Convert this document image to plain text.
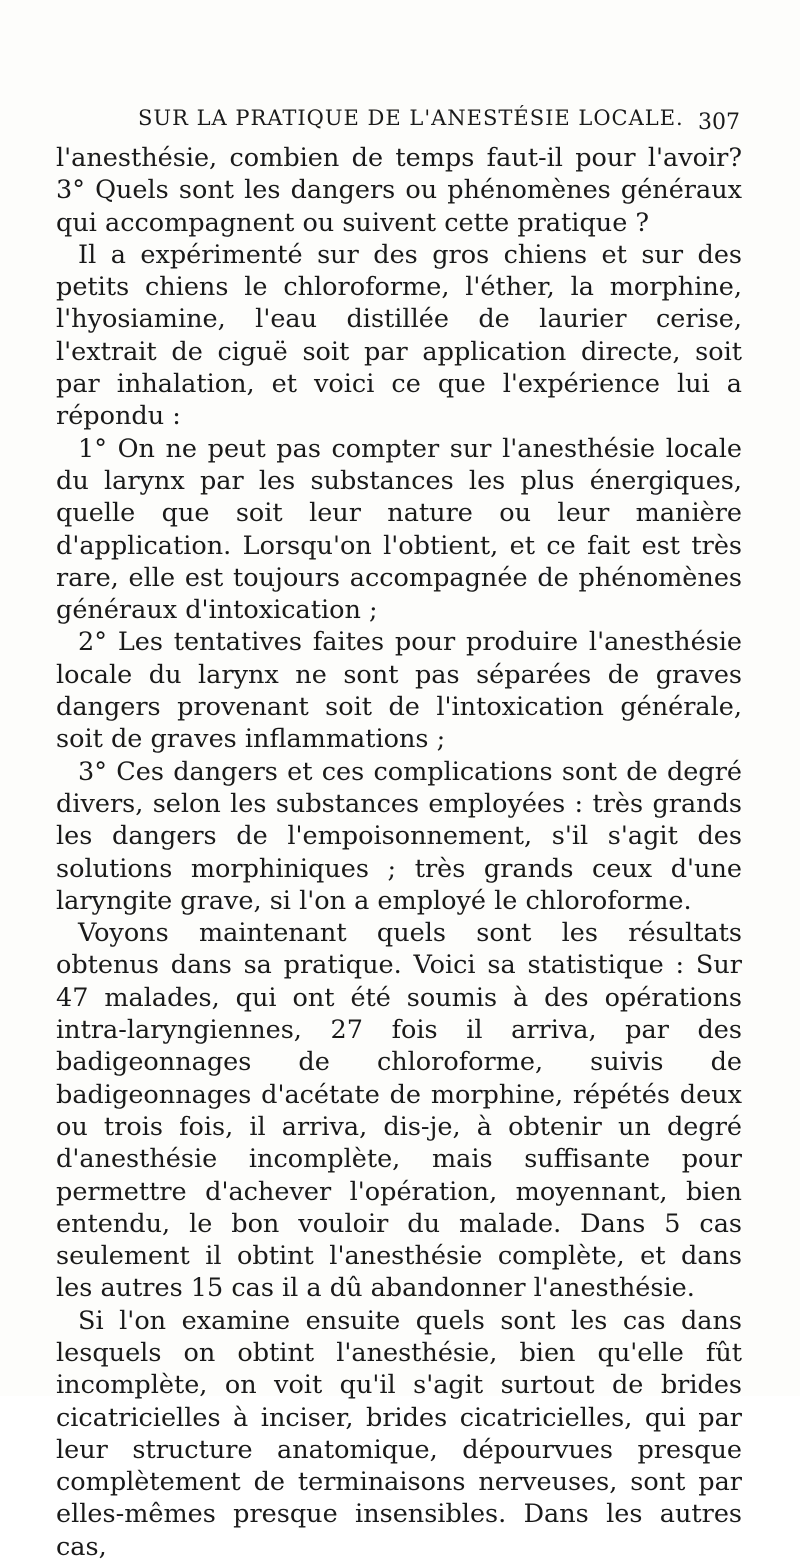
SUR LA PRATIQUE DE L'ANESTÉSIE LOCALE. 307

l'anesthésie, combien de temps faut-il pour l'avoir? 3° Quels sont les dangers ou phénomènes généraux qui accompagnent ou suivent cette pratique ?

Il a expérimenté sur des gros chiens et sur des petits chiens le chloroforme, l'éther, la morphine, l'hyosiamine, l'eau distillée de laurier cerise, l'extrait de ciguë soit par application directe, soit par inhalation, et voici ce que l'expérience lui a répondu :

1° On ne peut pas compter sur l'anesthésie locale du larynx par les substances les plus énergiques, quelle que soit leur nature ou leur manière d'application. Lorsqu'on l'obtient, et ce fait est très rare, elle est toujours accompagnée de phénomènes généraux d'intoxication ;

2° Les tentatives faites pour produire l'anesthésie locale du larynx ne sont pas séparées de graves dangers provenant soit de l'intoxication générale, soit de graves inflammations ;

3° Ces dangers et ces complications sont de degré divers, selon les substances employées : très grands les dangers de l'empoisonnement, s'il s'agit des solutions morphiniques ; très grands ceux d'une laryngite grave, si l'on a employé le chloroforme.

Voyons maintenant quels sont les résultats obtenus dans sa pratique. Voici sa statistique : Sur 47 malades, qui ont été soumis à des opérations intra-laryngiennes, 27 fois il arriva, par des badigeonnages de chloroforme, suivis de badigeonnages d'acétate de morphine, répétés deux ou trois fois, il arriva, dis-je, à obtenir un degré d'anesthésie incomplète, mais suffisante pour permettre d'achever l'opération, moyennant, bien entendu, le bon vouloir du malade. Dans 5 cas seulement il obtint l'anesthésie complète, et dans les autres 15 cas il a dû abandonner l'anesthésie.

Si l'on examine ensuite quels sont les cas dans lesquels on obtint l'anesthésie, bien qu'elle fût incomplète, on voit qu'il s'agit surtout de brides cicatricielles à inciser, brides cicatricielles, qui par leur structure anatomique, dépourvues presque complètement de terminaisons nerveuses, sont par elles-mêmes presque insensibles. Dans les autres cas,
